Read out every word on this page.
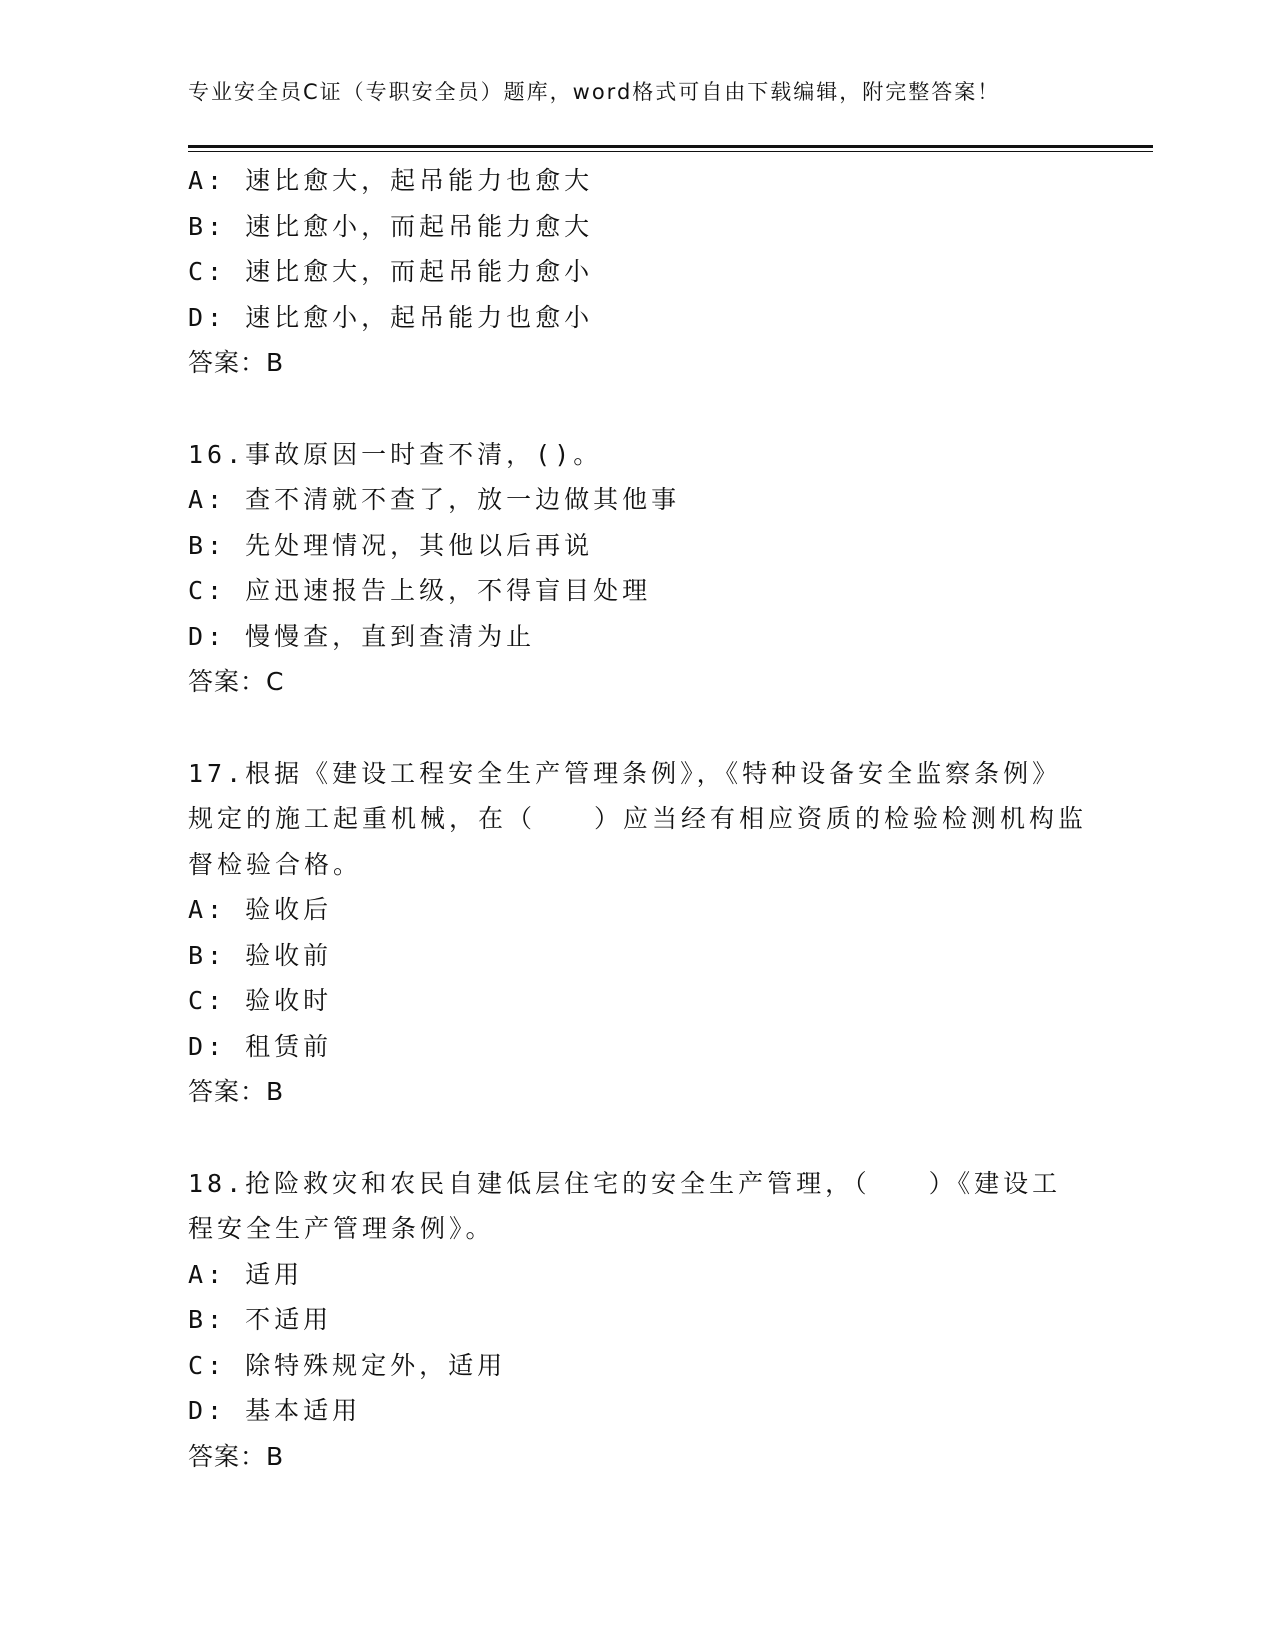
专业安全员C证（专职安全员）题库，word格式可自由下载编辑，附完整答案！
A: 速比愈大，起吊能力也愈大
B: 速比愈小，而起吊能力愈大
C: 速比愈大，而起吊能力愈小
D: 速比愈小，起吊能力也愈小
答案：B
16.事故原因一时查不清，()。
A: 查不清就不查了，放一边做其他事
B: 先处理情况，其他以后再说
C: 应迅速报告上级，不得盲目处理
D: 慢慢查，直到查清为止
答案：C
17.根据《建设工程安全生产管理条例》，《特种设备安全监察条例》
规定的施工起重机械，在（　　）应当经有相应资质的检验检测机构监
督检验合格。
A: 验收后
B: 验收前
C: 验收时
D: 租赁前
答案：B
18.抢险救灾和农民自建低层住宅的安全生产管理，（　　）《建设工
程安全生产管理条例》。
A: 适用
B: 不适用
C: 除特殊规定外，适用
D: 基本适用
答案：B
